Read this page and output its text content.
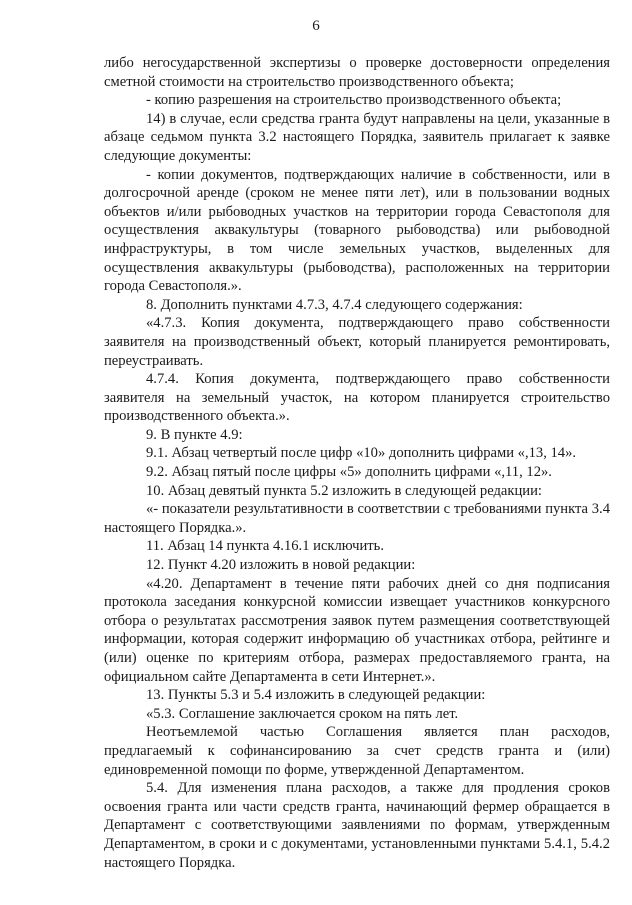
6

либо негосударственной экспертизы о проверке достоверности определения сметной стоимости на строительство производственного объекта;

- копию разрешения на строительство производственного объекта;

14) в случае, если средства гранта будут направлены на цели, указанные в абзаце седьмом пункта 3.2 настоящего Порядка, заявитель прилагает к заявке следующие документы:

- копии документов, подтверждающих наличие в собственности, или в долгосрочной аренде (сроком не менее пяти лет), или в пользовании водных объектов и/или рыбоводных участков на территории города Севастополя для осуществления аквакультуры (товарного рыбоводства) или рыбоводной инфраструктуры, в том числе земельных участков, выделенных для осуществления аквакультуры (рыбоводства), расположенных на территории города Севастополя.».

8. Дополнить пунктами 4.7.3, 4.7.4 следующего содержания:

«4.7.3. Копия документа, подтверждающего право собственности заявителя на производственный объект, который планируется ремонтировать, переустраивать.

4.7.4. Копия документа, подтверждающего право собственности заявителя на земельный участок, на котором планируется строительство производственного объекта.».

9. В пункте 4.9:

9.1. Абзац четвертый после цифр «10» дополнить цифрами «,13, 14».

9.2. Абзац пятый после цифры «5» дополнить цифрами «,11, 12».

10. Абзац девятый пункта 5.2 изложить в следующей редакции:

«- показатели результативности в соответствии с требованиями пункта 3.4 настоящего Порядка.».

11. Абзац 14 пункта 4.16.1 исключить.

12. Пункт 4.20 изложить в новой редакции:

«4.20. Департамент в течение пяти рабочих дней со дня подписания протокола заседания конкурсной комиссии извещает участников конкурсного отбора о результатах рассмотрения заявок путем размещения соответствующей информации, которая содержит информацию об участниках отбора, рейтинге и (или) оценке по критериям отбора, размерах предоставляемого гранта, на официальном сайте Департамента в сети Интернет.».

13. Пункты 5.3 и 5.4 изложить в следующей редакции:

«5.3. Соглашение заключается сроком на пять лет.

Неотъемлемой частью Соглашения является план расходов, предлагаемый к софинансированию за счет средств гранта и (или) единовременной помощи по форме, утвержденной Департаментом.

5.4. Для изменения плана расходов, а также для продления сроков освоения гранта или части средств гранта, начинающий фермер обращается в Департамент с соответствующими заявлениями по формам, утвержденным Департаментом, в сроки и с документами, установленными пунктами 5.4.1, 5.4.2 настоящего Порядка.
